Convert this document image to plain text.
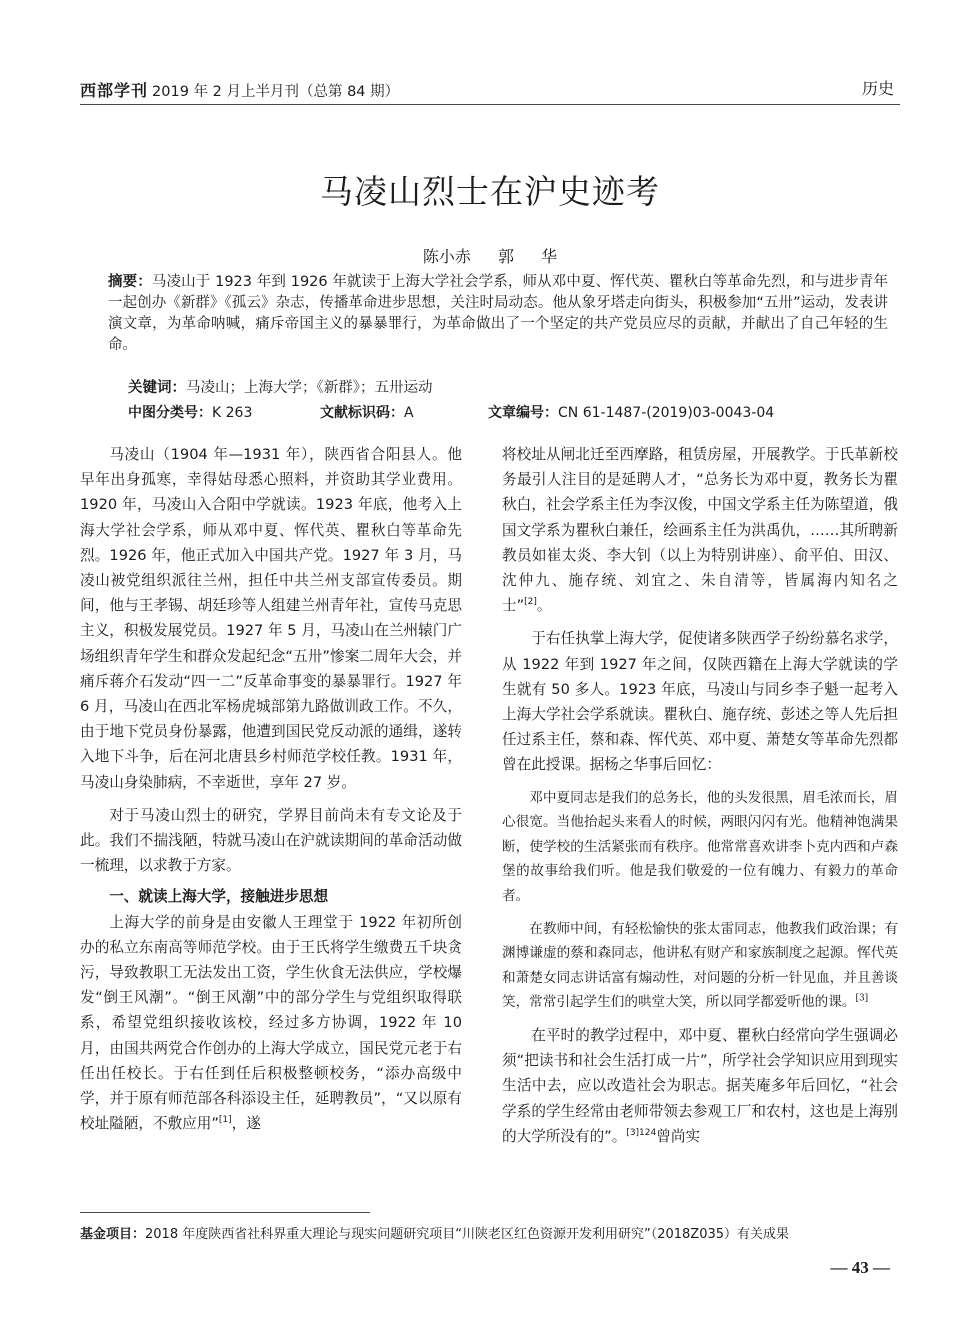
西部学刊 2019 年 2 月上半月刊（总第 84 期）	历史
马凌山烈士在沪史迹考
陈小赤 郭 华
摘要：马凌山于 1923 年到 1926 年就读于上海大学社会学系，师从邓中夏、恽代英、瞿秋白等革命先烈，和与进步青年一起创办《新群》《孤云》杂志，传播革命进步思想，关注时局动态。他从象牙塔走向街头，积极参加“五卅”运动，发表讲演文章，为革命呐喊，痛斥帝国主义的暴暴罪行，为革命做出了一个坚定的共产党员应尽的贡献，并献出了自己年轻的生命。
关键词：马凌山；上海大学；《新群》；五卅运动
中图分类号：K 263	文献标识码：A	文章编号：CN 61-1487-(2019)03-0043-04

马凌山（1904 年—1931 年），陕西省合阳县人。他早年出身孤寒，幸得姑母悉心照料，并资助其学业费用。1920 年，马凌山入合阳中学就读。1923 年底，他考入上海大学社会学系，师从邓中夏、恽代英、瞿秋白等革命先烈。1926 年，他正式加入中国共产党。1927 年 3 月，马凌山被党组织派往兰州，担任中共兰州支部宣传委员。期间，他与王孝锡、胡廷珍等人组建兰州青年社，宣传马克思主义，积极发展党员。1927 年 5 月，马凌山在兰州辕门广场组织青年学生和群众发起纪念“五卅”惨案二周年大会，并痛斥蒋介石发动“四一二”反革命事变的暴暴罪行。1927 年 6 月，马凌山在西北军杨虎城部第九路做训政工作。不久，由于地下党员身份暴露，他遭到国民党反动派的通缉，遂转入地下斗争，后在河北唐县乡村师范学校任教。1931 年，马凌山身染肺病，不幸逝世，享年 27 岁。

对于马凌山烈士的研究，学界目前尚未有专文论及于此。我们不揣浅陋，特就马凌山在沪就读期间的革命活动做一梳理，以求教于方家。

一、就读上海大学，接触进步思想

上海大学的前身是由安徽人王理堂于 1922 年初所创办的私立东南高等师范学校。由于王氏将学生缴费五千块贪污，导致教职工无法发出工资，学生伙食无法供应，学校爆发“倒王风潮”。“倒王风潮”中的部分学生与党组织取得联系，希望党组织接收该校，经过多方协调，1922 年 10 月，由国共两党合作创办的上海大学成立，国民党元老于右任出任校长。于右任到任后积极整顿校务，“添办高级中学，并于原有师范部各科添设主任，延聘教员”，“又以原有校址隘陋，不敷应用”[1]，遂

将校址从闸北迁至西摩路，租赁房屋，开展教学。于氏革新校务最引人注目的是延聘人才，“总务长为邓中夏，教务长为瞿秋白，社会学系主任为李汉俊，中国文学系主任为陈望道，俄国文学系为瞿秋白兼任，绘画系主任为洪禹仇，……其所聘新教员如崔太炎、李大钊（以上为特别讲座）、俞平伯、田汉、沈仲九、施存统、刘宜之、朱自清等，皆属海内知名之士”[2]。

于右任执掌上海大学，促使诸多陕西学子纷纷慕名求学，从 1922 年到 1927 年之间，仅陕西籍在上海大学就读的学生就有 50 多人。1923 年底，马凌山与同乡李子魁一起考入上海大学社会学系就读。瞿秋白、施存统、彭述之等人先后担任过系主任，蔡和森、恽代英、邓中夏、萧楚女等革命先烈都曾在此授课。据杨之华事后回忆：

邓中夏同志是我们的总务长，他的头发很黑，眉毛浓而长，眉心很宽。当他抬起头来看人的时候，两眼闪闪有光。他精神饱满果断，使学校的生活紧张而有秩序。他常常喜欢讲李卜克内西和卢森堡的故事给我们听。他是我们敬爱的一位有魄力、有毅力的革命者。
在教师中间，有轻松愉快的张太雷同志，他教我们政治课；有渊博谦虚的蔡和森同志，他讲私有财产和家族制度之起源。恽代英和萧楚女同志讲话富有煽动性，对问题的分析一针见血，并且善谈笑，常常引起学生们的哄堂大笑，所以同学都爱听他的课。[3]

在平时的教学过程中，邓中夏、瞿秋白经常向学生强调必须“把读书和社会生活打成一片”，所学社会学知识应用到现实生活中去，应以改造社会为职志。据芙庵多年后回忆，“社会学系的学生经常由老师带领去参观工厂和农村，这也是上海别的大学所没有的”。$^{[3]124}$曾尚实

基金项目：2018 年度陕西省社科界重大理论与现实问题研究项目“川陕老区红色资源开发利用研究”（2018Z035）有关成果
— 43 —
